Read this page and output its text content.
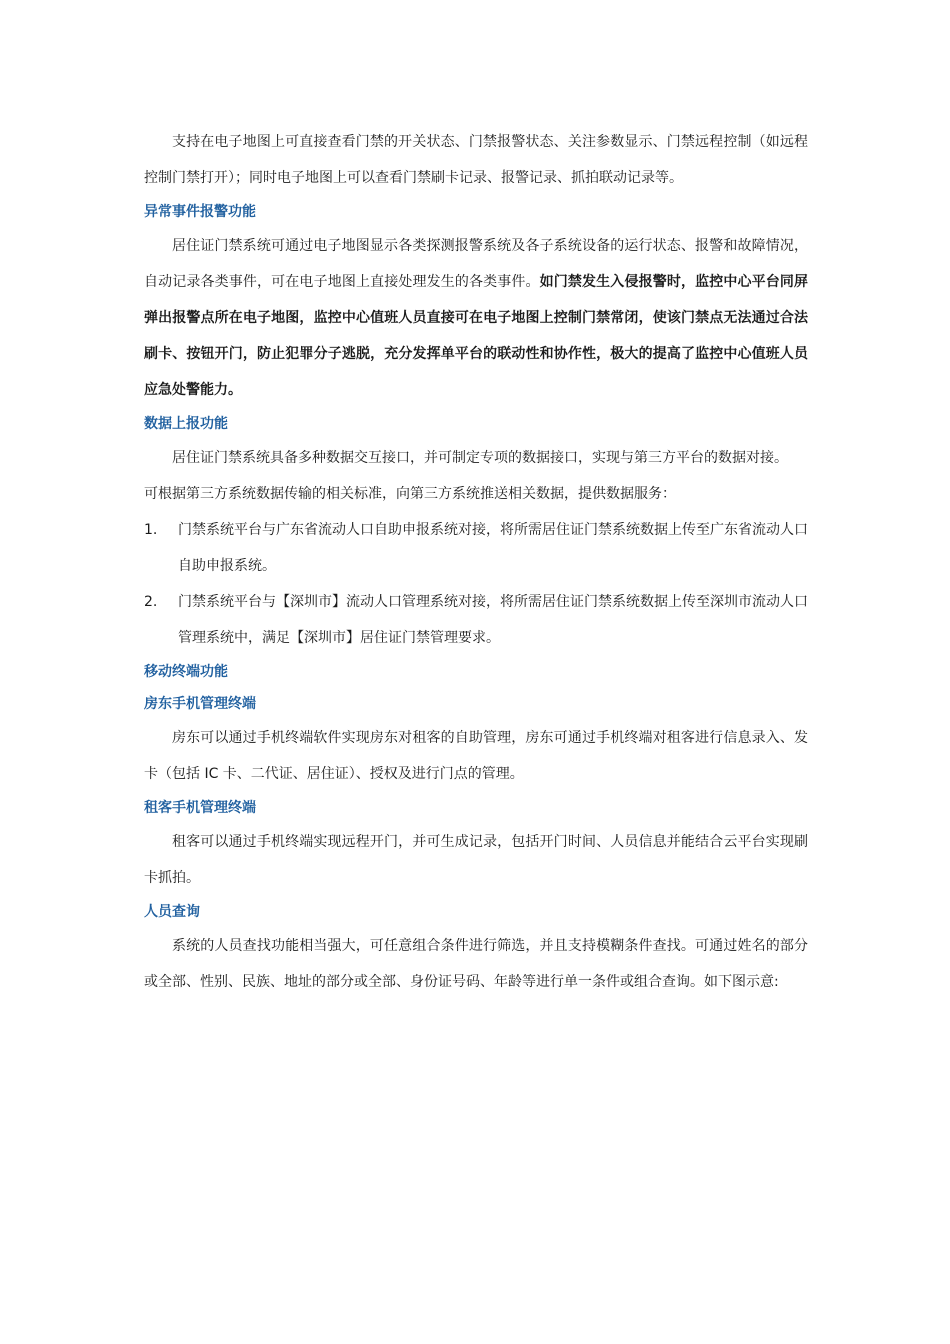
支持在电子地图上可直接查看门禁的开关状态、门禁报警状态、关注参数显示、门禁远程控制（如远程控制门禁打开）；同时电子地图上可以查看门禁刷卡记录、报警记录、抓拍联动记录等。

异常事件报警功能

居住证门禁系统可通过电子地图显示各类探测报警系统及各子系统设备的运行状态、报警和故障情况，自动记录各类事件，可在电子地图上直接处理发生的各类事件。如门禁发生入侵报警时，监控中心平台同屏弹出报警点所在电子地图，监控中心值班人员直接可在电子地图上控制门禁常闭，使该门禁点无法通过合法刷卡、按钮开门，防止犯罪分子逃脱，充分发挥单平台的联动性和协作性，极大的提高了监控中心值班人员应急处警能力。

数据上报功能

居住证门禁系统具备多种数据交互接口，并可制定专项的数据接口，实现与第三方平台的数据对接。

可根据第三方系统数据传输的相关标准，向第三方系统推送相关数据，提供数据服务：

1.	门禁系统平台与广东省流动人口自助申报系统对接，将所需居住证门禁系统数据上传至广东省流动人口自助申报系统。
2.	门禁系统平台与【深圳市】流动人口管理系统对接，将所需居住证门禁系统数据上传至深圳市流动人口管理系统中，满足【深圳市】居住证门禁管理要求。

移动终端功能

房东手机管理终端

房东可以通过手机终端软件实现房东对租客的自助管理，房东可通过手机终端对租客进行信息录入、发卡（包括 IC 卡、二代证、居住证）、授权及进行门点的管理。

租客手机管理终端

租客可以通过手机终端实现远程开门，并可生成记录，包括开门时间、人员信息并能结合云平台实现刷卡抓拍。

人员查询

系统的人员查找功能相当强大，可任意组合条件进行筛选，并且支持模糊条件查找。可通过姓名的部分或全部、性别、民族、地址的部分或全部、身份证号码、年龄等进行单一条件或组合查询。如下图示意:
